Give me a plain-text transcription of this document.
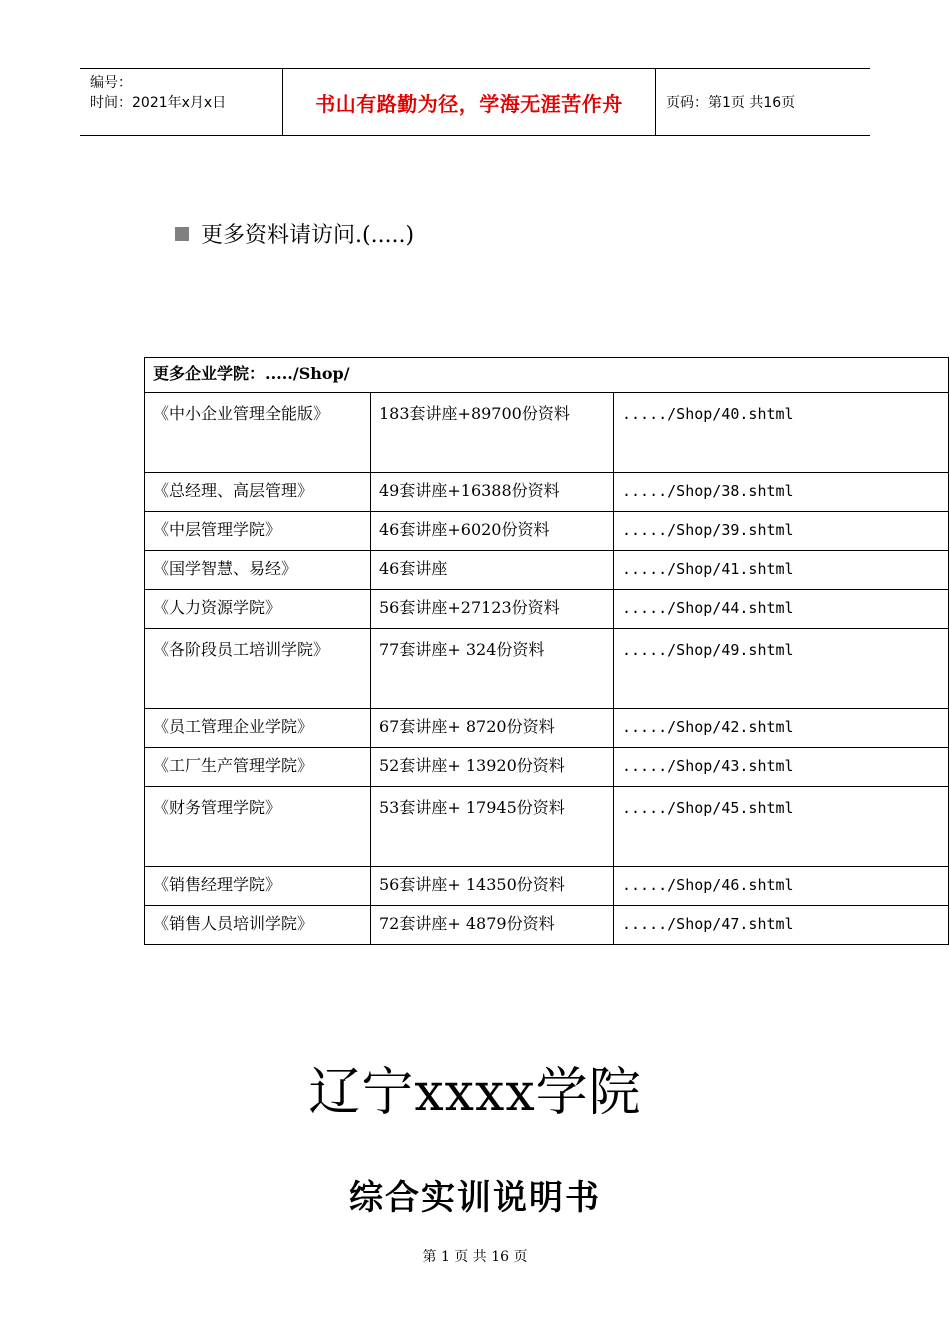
编号：
时间：2021年x月x日	书山有路勤为径，学海无涯苦作舟	页码：第1页 共16页
更多资料请访问.(.....)
更多企业学院：...../Shop/		
《中小企业管理全能版》	183套讲座+89700份资料	...../Shop/40.shtml
《总经理、高层管理》	49套讲座+16388份资料	...../Shop/38.shtml
《中层管理学院》	46套讲座+6020份资料	...../Shop/39.shtml
《国学智慧、易经》	46套讲座	...../Shop/41.shtml
《人力资源学院》	56套讲座+27123份资料	...../Shop/44.shtml
《各阶段员工培训学院》	77套讲座+ 324份资料	...../Shop/49.shtml
《员工管理企业学院》	67套讲座+ 8720份资料	...../Shop/42.shtml
《工厂生产管理学院》	52套讲座+ 13920份资料	...../Shop/43.shtml
《财务管理学院》	53套讲座+ 17945份资料	...../Shop/45.shtml
《销售经理学院》	56套讲座+ 14350份资料	...../Shop/46.shtml
《销售人员培训学院》	72套讲座+ 4879份资料	...../Shop/47.shtml
辽宁xxxx学院
综合实训说明书
第 1 页 共 16 页
